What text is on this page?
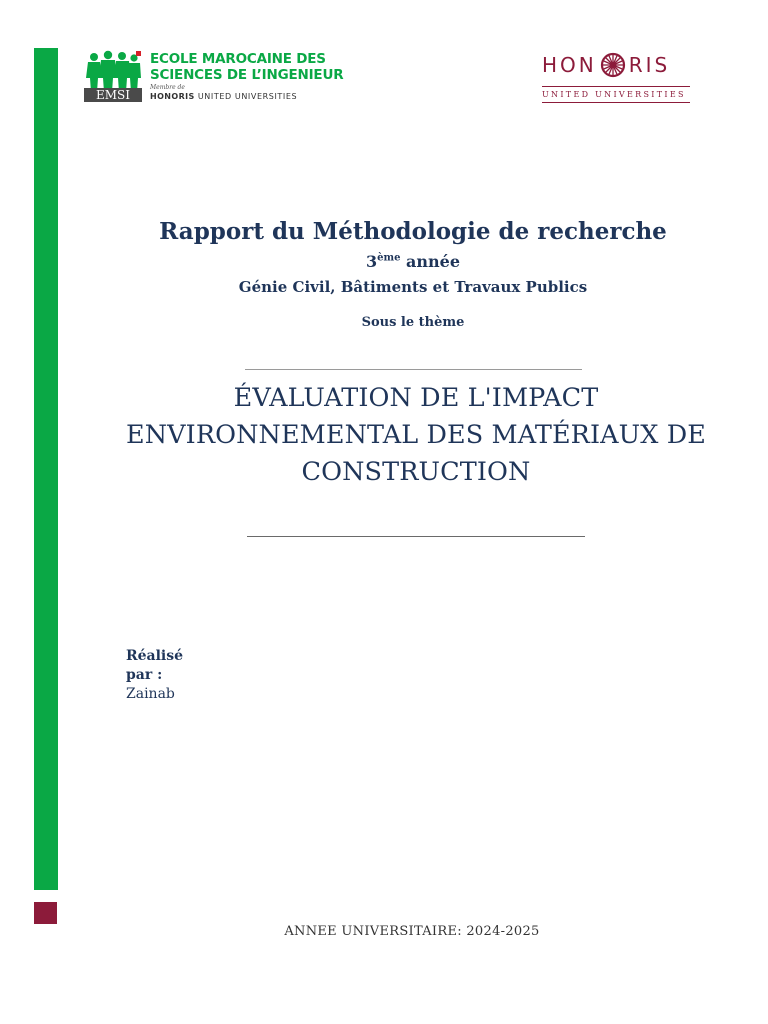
EMSI
ECOLE MAROCAINE DES
SCIENCES DE L’INGENIEUR
Membre de
HONORIS UNITED UNIVERSITIES
HON RIS
UNITED UNIVERSITIES
Rapport du Méthodologie de recherche
3ème année
Génie Civil, Bâtiments et Travaux Publics
Sous le thème
ÉVALUATION DE L'IMPACT ENVIRONNEMENTAL DES MATÉRIAUX DE CONSTRUCTION
Réalisé par :
Zainab
ANNEE UNIVERSITAIRE: 2024-2025
